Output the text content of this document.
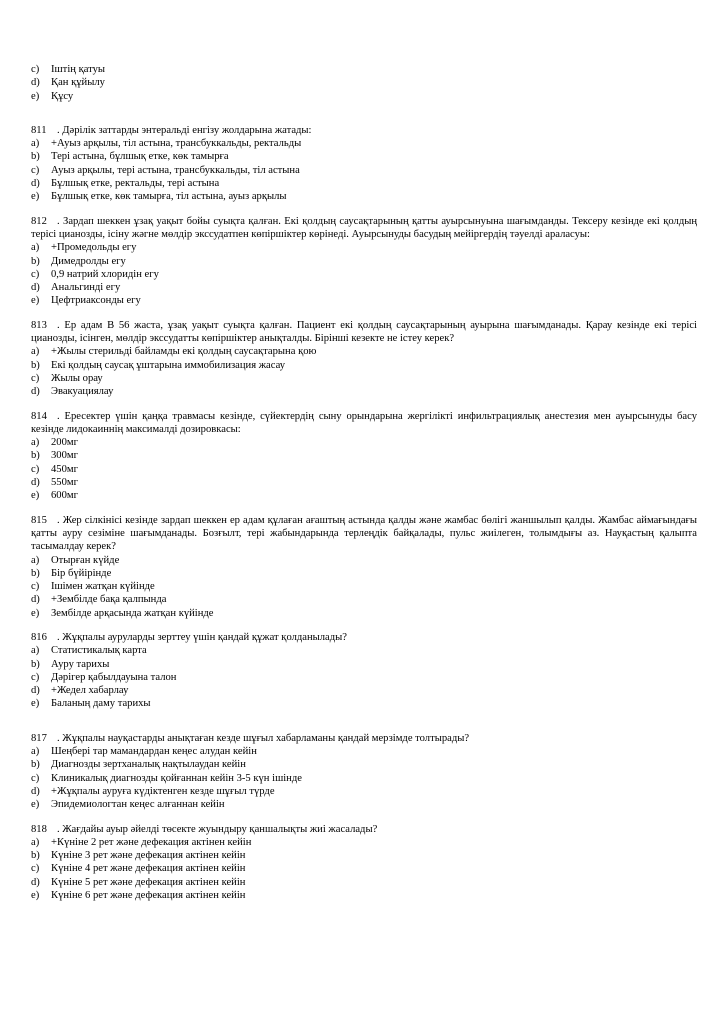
c)	Іштің қатуы
d)	Қан құйылу
e)	Құсу

811 . Дәрілік заттарды энтеральді енгізу жолдарына жатады:

a)	+Ауыз арқылы, тіл астына, трансбуккальды, ректальды
b)	Тері астына, бұлшық етке, көк тамырға
c)	Ауыз арқылы, тері астына, трансбуккальды, тіл астына
d)	Бұлшық етке, ректальды, тері астына
e)	Бұлшық етке, көк тамырға, тіл астына, ауыз арқылы

812 . Зардап шеккен ұзақ уақыт бойы суықта қалған. Екі қолдың саусақтарының қатты ауырсынуына шағымданды. Тексеру кезінде екі қолдың терісі цианозды, ісіну жәгне мөлдір экссудатпен көпіршіктер көрінеді. Ауырсынуды басудың мейіргердің тәуелді араласуы:

a)	+Промедольды егу
b)	Димедролды егу
c)	0,9 натрий хлоридін егу
d)	Анальгинді егу
e)	Цефтриаксонды егу

813 . Ер адам В 56 жаста, ұзақ уақыт суықта қалған. Пациент екі қолдың саусақтарының ауырына шағымданады. Қарау кезінде екі терісі цианозды, ісінген, мөлдір экссудатты көпіршіктер анықталды. Бірінші кезекте не істеу керек?

a)	+Жылы стерильді байламды екі қолдың саусақтарына қою
b)	Екі қолдың саусақ ұштарына иммобилизация жасау
c)	Жылы орау
d)	Эвакуациялау

814 . Ересектер үшін қаңқа травмасы кезінде, сүйектердің сыну орындарына жергілікті инфильтрациялық анестезия мен ауырсынуды басу кезінде лидокаиннің максималді дозировкасы:

a)	200мг
b)	300мг
c)	450мг
d)	550мг
e)	600мг

815 . Жер сілкінісі кезінде зардап шеккен ер адам құлаған ағаштың астында қалды және жамбас бөлігі жаншылып қалды. Жамбас аймағындағы қатты ауру сезіміне шағымданады. Бозғылт, тері жабындарында терлеңдік байқалады, пульс жиілеген, толымдығы аз. Науқастың қалыпта тасымалдау керек?

a)	Отырған күйде
b)	Бір бүйірінде
c)	Ішімен жатқан күйінде
d)	+Зембілде бақа қалпында
e)	Зембілде арқасында жатқан күйінде

816 . Жұқпалы ауруларды зерттеу үшін қандай құжат қолданылады?

a)	Статистикалық карта
b)	Ауру тарихы
c)	Дәрігер қабылдауына талон
d)	+Жедел хабарлау
e)	Баланың даму тарихы

817 . Жұқпалы науқастарды анықтаған кезде шұғыл хабарламаны қандай мерзімде толтырады?

a)	Шеңбері тар мамандардан кеңес алудан кейін
b)	Диагнозды зертханалық нақтылаудан кейін
c)	Клиникалық диагнозды қойғаннан кейін 3-5 күн ішінде
d)	+Жұқпалы ауруға күдіктенген кезде шұғыл түрде
e)	Эпидемиологтан кеңес алғаннан кейін

818 . Жағдайы ауыр әйелді төсекте жуындыру қаншалықты жиі жасалады?

a)	+Күніне 2 рет және дефекация актінен кейін
b)	Күніне 3 рет және дефекация актінен кейін
c)	Күніне 4 рет және дефекация актінен кейін
d)	Күніне 5 рет және дефекация актінен кейін
e)	Күніне 6 рет және дефекация актінен кейін
